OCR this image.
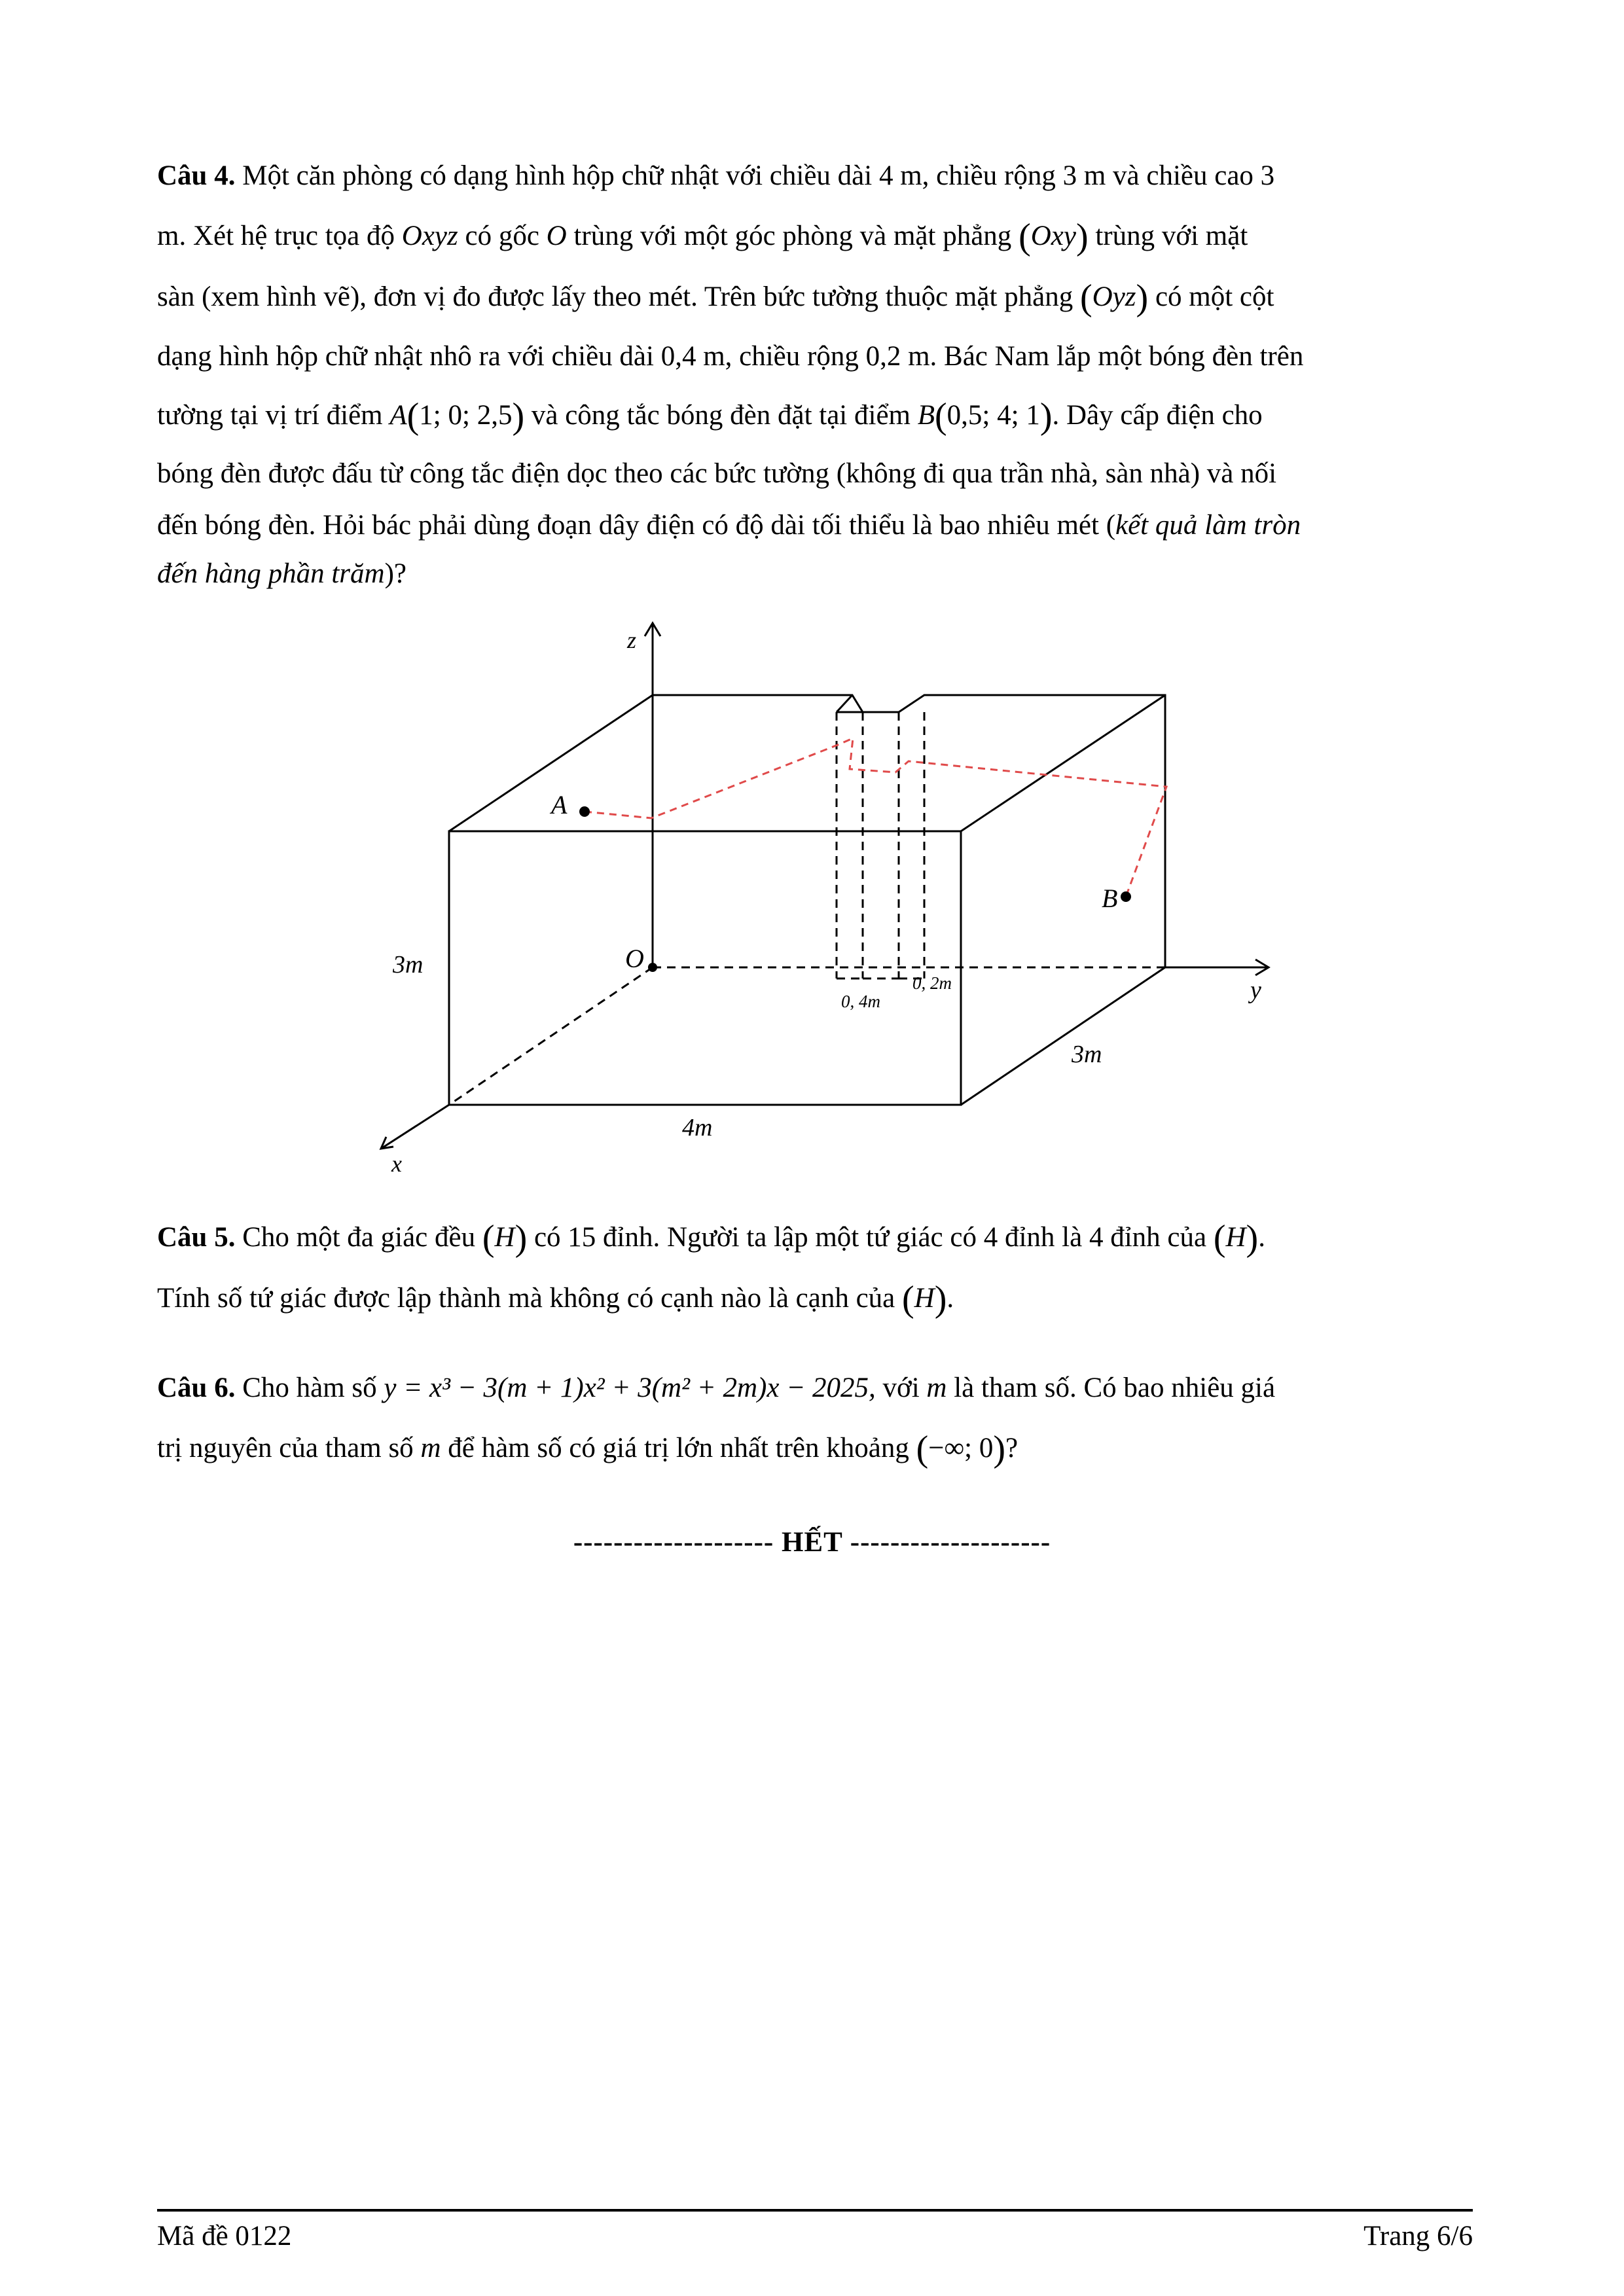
Câu 4. Một căn phòng có dạng hình hộp chữ nhật với chiều dài 4 m, chiều rộng 3 m và chiều cao 3
m. Xét hệ trục tọa độ Oxyz có gốc O trùng với một góc phòng và mặt phẳng (Oxy) trùng với mặt
sàn (xem hình vẽ), đơn vị đo được lấy theo mét. Trên bức tường thuộc mặt phẳng (Oyz) có một cột
dạng hình hộp chữ nhật nhô ra với chiều dài 0,4 m, chiều rộng 0,2 m. Bác Nam lắp một bóng đèn trên
tường tại vị trí điểm A(1; 0; 2,5) và công tắc bóng đèn đặt tại điểm B(0,5; 4; 1). Dây cấp điện cho
bóng đèn được đấu từ công tắc điện dọc theo các bức tường (không đi qua trần nhà, sàn nhà) và nối
đến bóng đèn. Hỏi bác phải dùng đoạn dây điện có độ dài tối thiểu là bao nhiêu mét (kết quả làm tròn
đến hàng phần trăm)?
z
y
x
A
B
O
3m
4m
3m
0, 4m
0, 2m
Câu 5. Cho một đa giác đều (H) có 15 đỉnh. Người ta lập một tứ giác có 4 đỉnh là 4 đỉnh của (H).
Tính số tứ giác được lập thành mà không có cạnh nào là cạnh của (H).
Câu 6. Cho hàm số y = x³ − 3(m + 1)x² + 3(m² + 2m)x − 2025, với m là tham số. Có bao nhiêu giá
trị nguyên của tham số m để hàm số có giá trị lớn nhất trên khoảng (−∞; 0)?
-------------------- HẾT --------------------
Mã đề 0122	Trang 6/6
